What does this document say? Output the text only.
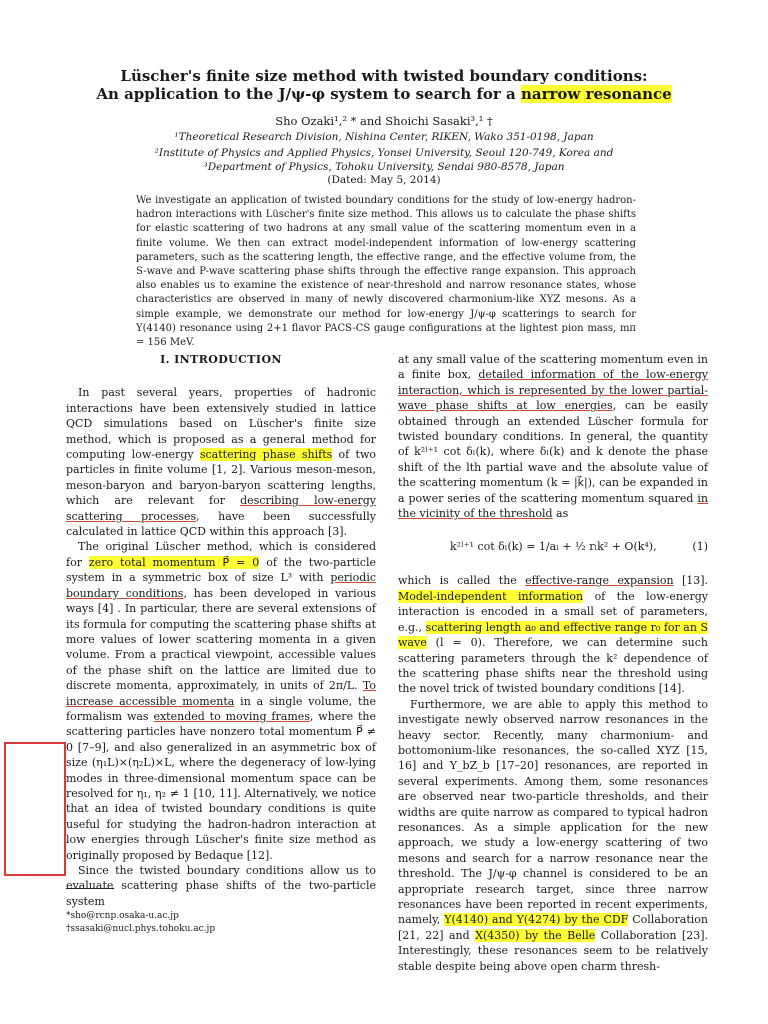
Lüscher's finite size method with twisted boundary conditions:
An application to the J/ψ-φ system to search for a narrow resonance
Sho Ozaki¹,² * and Shoichi Sasaki³,¹ †
¹Theoretical Research Division, Nishina Center, RIKEN, Wako 351-0198, Japan
²Institute of Physics and Applied Physics, Yonsei University, Seoul 120-749, Korea and
³Department of Physics, Tohoku University, Sendai 980-8578, Japan
(Dated: May 5, 2014)
We investigate an application of twisted boundary conditions for the study of low-energy hadron-hadron interactions with Lüscher's finite size method. This allows us to calculate the phase shifts for elastic scattering of two hadrons at any small value of the scattering momentum even in a finite volume. We then can extract model-independent information of low-energy scattering parameters, such as the scattering length, the effective range, and the effective volume from, the S-wave and P-wave scattering phase shifts through the effective range expansion. This approach also enables us to examine the existence of near-threshold and narrow resonance states, whose characteristics are observed in many of newly discovered charmonium-like XYZ mesons. As a simple example, we demonstrate our method for low-energy J/ψ-φ scatterings to search for Y(4140) resonance using 2+1 flavor PACS-CS gauge configurations at the lightest pion mass, mπ = 156 MeV.
I. INTRODUCTION

In past several years, properties of hadronic interactions have been extensively studied in lattice QCD simulations based on Lüscher's finite size method, which is proposed as a general method for computing low-energy scattering phase shifts of two particles in finite volume [1, 2]. Various meson-meson, meson-baryon and baryon-baryon scattering lengths, which are relevant for describing low-energy scattering processes, have been successfully calculated in lattice QCD within this approach [3].

The original Lüscher method, which is considered for zero total momentum P⃗ = 0 of the two-particle system in a symmetric box of size L³ with periodic boundary conditions, has been developed in various ways [4] . In particular, there are several extensions of its formula for computing the scattering phase shifts at more values of lower scattering momenta in a given volume. From a practical viewpoint, accessible values of the phase shift on the lattice are limited due to discrete momenta, approximately, in units of 2π/L. To increase accessible momenta in a single volume, the formalism was extended to moving frames, where the scattering particles have nonzero total momentum P⃗ ≠ 0 [7–9], and also generalized in an asymmetric box of size (η₁L)×(η₂L)×L, where the degeneracy of low-lying modes in three-dimensional momentum space can be resolved for η₁, η₂ ≠ 1 [10, 11]. Alternatively, we notice that an idea of twisted boundary conditions is quite useful for studying the hadron-hadron interaction at low energies through Lüscher's finite size method as originally proposed by Bedaque [12].

Since the twisted boundary conditions allow us to evaluate scattering phase shifts of the two-particle system

at any small value of the scattering momentum even in a finite box, detailed information of the low-energy interaction, which is represented by the lower partial-wave phase shifts at low energies, can be easily obtained through an extended Lüscher formula for twisted boundary conditions. In general, the quantity of k²ˡ⁺¹ cot δₗ(k), where δₗ(k) and k denote the phase shift of the lth partial wave and the absolute value of the scattering momentum (k = |k⃗|), can be expanded in a power series of the scattering momentum squared in the vicinity of the threshold as

k²ˡ⁺¹ cot δₗ(k) = 1/aₗ + ½ rₗk² + O(k⁴),	(1)

which is called the effective-range expansion [13]. Model-independent information of the low-energy interaction is encoded in a small set of parameters, e.g., scattering length a₀ and effective range r₀ for an S wave (l = 0). Therefore, we can determine such scattering parameters through the k² dependence of the scattering phase shifts near the threshold using the novel trick of twisted boundary conditions [14].

Furthermore, we are able to apply this method to investigate newly observed narrow resonances in the heavy sector. Recently, many charmonium- and bottomonium-like resonances, the so-called XYZ [15, 16] and Y_bZ_b [17–20] resonances, are reported in several experiments. Among them, some resonances are observed near two-particle thresholds, and their widths are quite narrow as compared to typical hadron resonances. As a simple application for the new approach, we study a low-energy scattering of two mesons and search for a narrow resonance near the threshold. The J/ψ-φ channel is considered to be an appropriate research target, since three narrow resonances have been reported in recent experiments, namely, Y(4140) and Y(4274) by the CDF Collaboration [21, 22] and X(4350) by the Belle Collaboration [23]. Interestingly, these resonances seem to be relatively stable despite being above open charm thresh-

*sho@rcnp.osaka-u.ac.jp
†ssasaki@nucl.phys.tohoku.ac.jp
